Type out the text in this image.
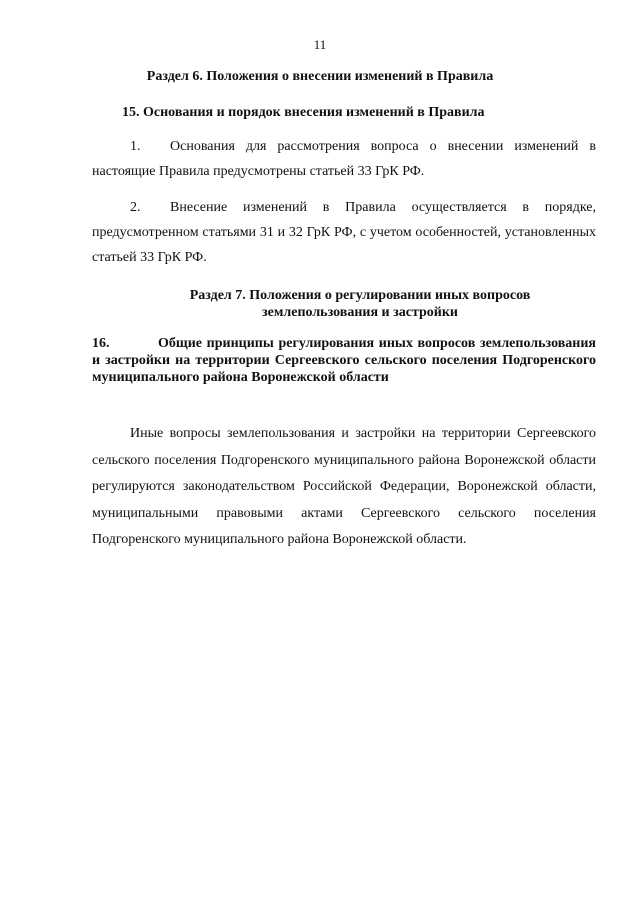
11
Раздел 6. Положения о внесении изменений в Правила
15. Основания и порядок внесения изменений в Правила
1. Основания для рассмотрения вопроса о внесении изменений в настоящие Правила предусмотрены статьей 33 ГрК РФ.
2. Внесение изменений в Правила осуществляется в порядке, предусмотренном статьями 31 и 32 ГрК РФ, с учетом особенностей, установленных статьей 33 ГрК РФ.
Раздел 7. Положения о регулировании иных вопросов
землепользования и застройки
16.	Общие принципы регулирования иных вопросов землепользования и застройки на территории Сергеевского сельского поселения Подгоренского муниципального района Воронежской области
Иные вопросы землепользования и застройки на территории Сергеевского сельского поселения Подгоренского муниципального района Воронежской области регулируются законодательством Российской Федерации, Воронежской области, муниципальными правовыми актами Сергеевского сельского поселения Подгоренского муниципального района Воронежской области.
